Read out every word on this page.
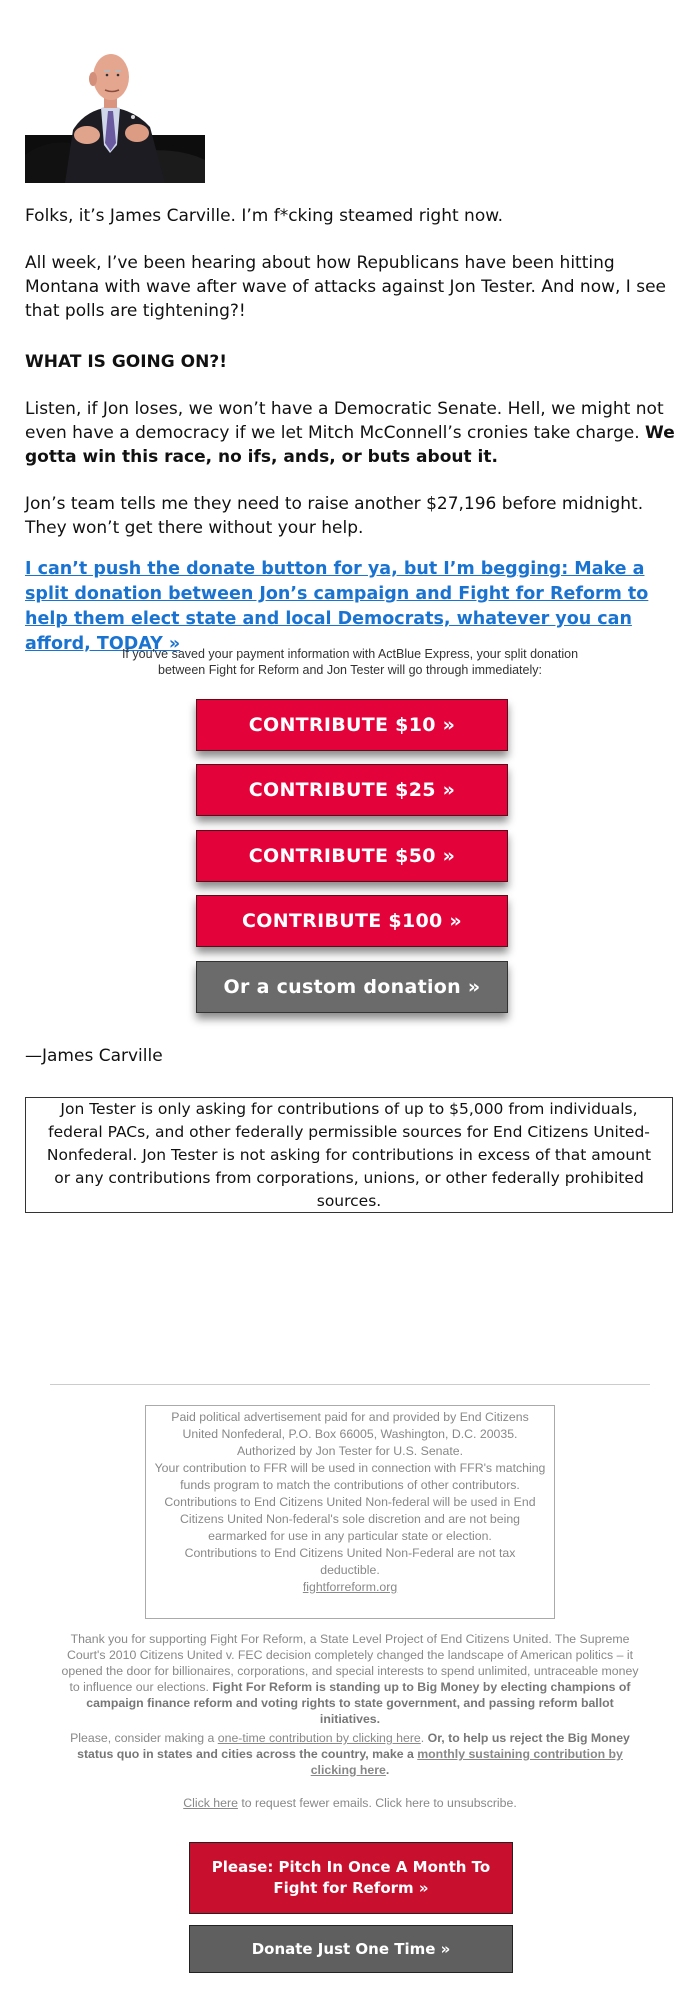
Folks, it’s James Carville. I’m f*cking steamed right now.

All week, I’ve been hearing about how Republicans have been hitting Montana with wave after wave of attacks against Jon Tester. And now, I see that polls are tightening?!

WHAT IS GOING ON?!

Listen, if Jon loses, we won’t have a Democratic Senate. Hell, we might not even have a democracy if we let Mitch McConnell’s cronies take charge. We gotta win this race, no ifs, ands, or buts about it.

Jon’s team tells me they need to raise another $27,196 before midnight. They won’t get there without your help.

I can’t push the donate button for ya, but I’m begging: Make a split donation between Jon’s campaign and Fight for Reform to help them elect state and local Democrats, whatever you can afford, TODAY »
If you've saved your payment information with ActBlue Express, your split donation between Fight for Reform and Jon Tester will go through immediately:
CONTRIBUTE $10 »
CONTRIBUTE $25 »
CONTRIBUTE $50 »
CONTRIBUTE $100 »
Or a custom donation »

—James Carville

Jon Tester is only asking for contributions of up to $5,000 from individuals, federal PACs, and other federally permissible sources for End Citizens United-Nonfederal. Jon Tester is not asking for contributions in excess of that amount or any contributions from corporations, unions, or other federally prohibited sources.

Paid political advertisement paid for and provided by End Citizens United Nonfederal, P.O. Box 66005, Washington, D.C. 20035.

Authorized by Jon Tester for U.S. Senate.

Your contribution to FFR will be used in connection with FFR's matching funds program to match the contributions of other contributors.

Contributions to End Citizens United Non-federal will be used in End Citizens United Non-federal's sole discretion and are not being earmarked for use in any particular state or election.

Contributions to End Citizens United Non-Federal are not tax deductible.

fightforreform.org

Thank you for supporting Fight For Reform, a State Level Project of End Citizens United. The Supreme Court's 2010 Citizens United v. FEC decision completely changed the landscape of American politics – it opened the door for billionaires, corporations, and special interests to spend unlimited, untraceable money to influence our elections. Fight For Reform is standing up to Big Money by electing champions of campaign finance reform and voting rights to state government, and passing reform ballot initiatives.
Please, consider making a one-time contribution by clicking here. Or, to help us reject the Big Money status quo in states and cities across the country, make a monthly sustaining contribution by clicking here.
Click here to request fewer emails. Click here to unsubscribe.
Please: Pitch In Once A Month To Fight for Reform »
Donate Just One Time »
